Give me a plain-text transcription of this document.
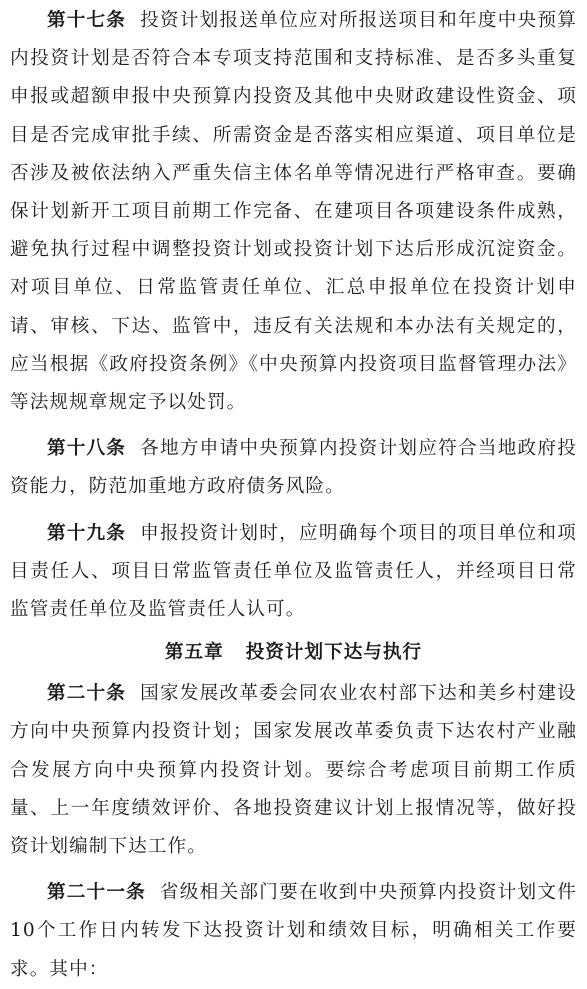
第十七条 投资计划报送单位应对所报送项目和年度中央预算内投资计划是否符合本专项支持范围和支持标准、是否多头重复申报或超额申报中央预算内投资及其他中央财政建设性资金、项目是否完成审批手续、所需资金是否落实相应渠道、项目单位是否涉及被依法纳入严重失信主体名单等情况进行严格审查。要确保计划新开工项目前期工作完备、在建项目各项建设条件成熟，避免执行过程中调整投资计划或投资计划下达后形成沉淀资金。对项目单位、日常监管责任单位、汇总申报单位在投资计划申请、审核、下达、监管中，违反有关法规和本办法有关规定的，应当根据《政府投资条例》《中央预算内投资项目监督管理办法》等法规规章规定予以处罚。

第十八条 各地方申请中央预算内投资计划应符合当地政府投资能力，防范加重地方政府债务风险。

第十九条 申报投资计划时，应明确每个项目的项目单位和项目责任人、项目日常监管责任单位及监管责任人，并经项目日常监管责任单位及监管责任人认可。

第五章 投资计划下达与执行

第二十条 国家发展改革委会同农业农村部下达和美乡村建设方向中央预算内投资计划；国家发展改革委负责下达农村产业融合发展方向中央预算内投资计划。要综合考虑项目前期工作质量、上一年度绩效评价、各地投资建议计划上报情况等，做好投资计划编制下达工作。

第二十一条 省级相关部门要在收到中央预算内投资计划文件10个工作日内转发下达投资计划和绩效目标，明确相关工作要求。其中：
